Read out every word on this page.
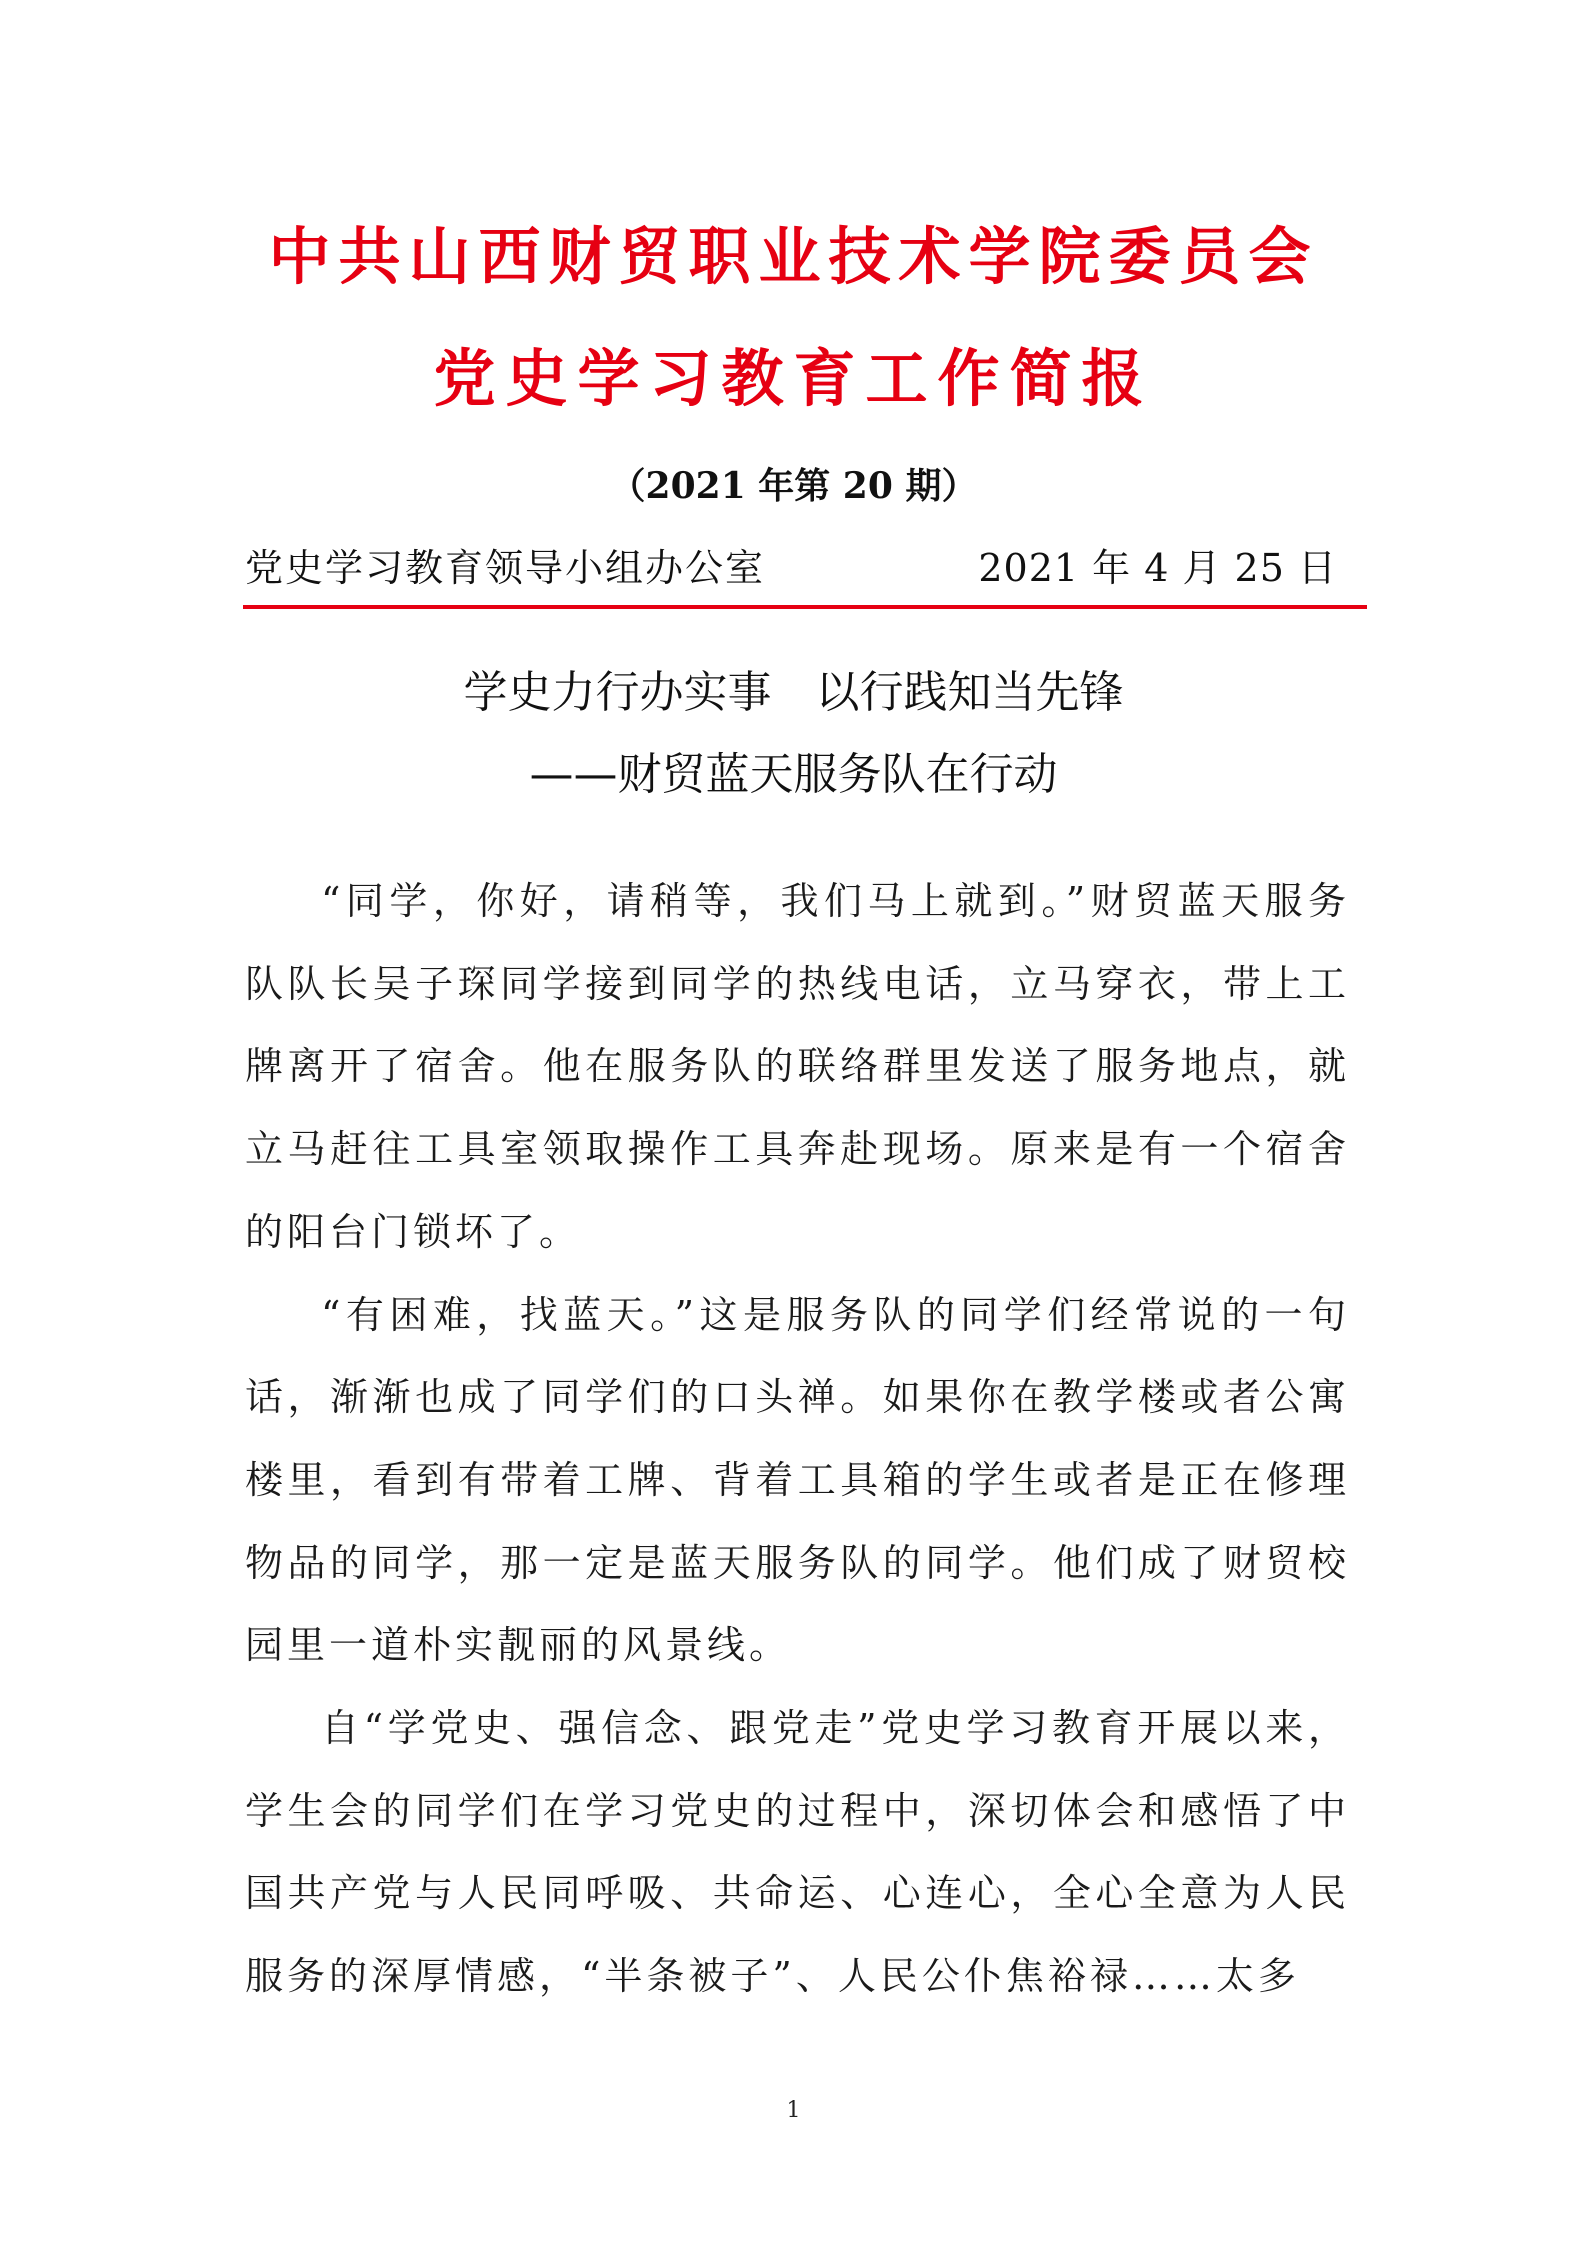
中共山西财贸职业技术学院委员会
党史学习教育工作简报
（2021 年第 20 期）
党史学习教育领导小组办公室	2021 年 4 月 25 日
学史力行办实事　以行践知当先锋
——财贸蓝天服务队在行动

“同学，你好，请稍等，我们马上就到。”财贸蓝天服务队队长吴子琛同学接到同学的热线电话，立马穿衣，带上工牌离开了宿舍。他在服务队的联络群里发送了服务地点，就立马赶往工具室领取操作工具奔赴现场。原来是有一个宿舍的阳台门锁坏了。

“有困难，找蓝天。”这是服务队的同学们经常说的一句话，渐渐也成了同学们的口头禅。如果你在教学楼或者公寓楼里，看到有带着工牌、背着工具箱的学生或者是正在修理物品的同学，那一定是蓝天服务队的同学。他们成了财贸校园里一道朴实靓丽的风景线。

自“学党史、强信念、跟党走”党史学习教育开展以来，学生会的同学们在学习党史的过程中，深切体会和感悟了中国共产党与人民同呼吸、共命运、心连心，全心全意为人民服务的深厚情感，“半条被子”、人民公仆焦裕禄……太多

1
